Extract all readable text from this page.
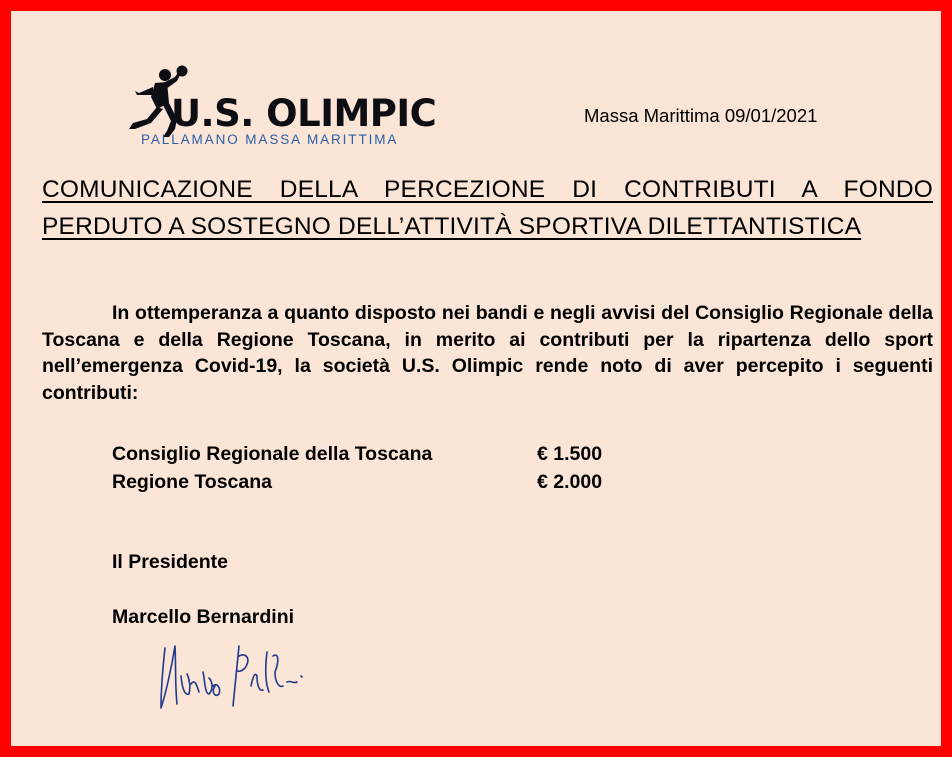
U.S. OLIMPIC
PALLAMANO MASSA MARITTIMA
Massa Marittima 09/01/2021
COMUNICAZIONE DELLA PERCEZIONE DI CONTRIBUTI A FONDO
PERDUTO A SOSTEGNO DELL’ATTIVITÀ SPORTIVA DILETTANTISTICA
In ottemperanza a quanto disposto nei bandi e negli avvisi del Consiglio Regionale della Toscana e della Regione Toscana, in merito ai contributi per la ripartenza dello sport nell’emergenza Covid-19, la società U.S. Olimpic rende noto di aver percepito i seguenti contributi:
Consiglio Regionale della Toscana	€ 1.500
Regione Toscana	€ 2.000
Il Presidente
Marcello Bernardini
